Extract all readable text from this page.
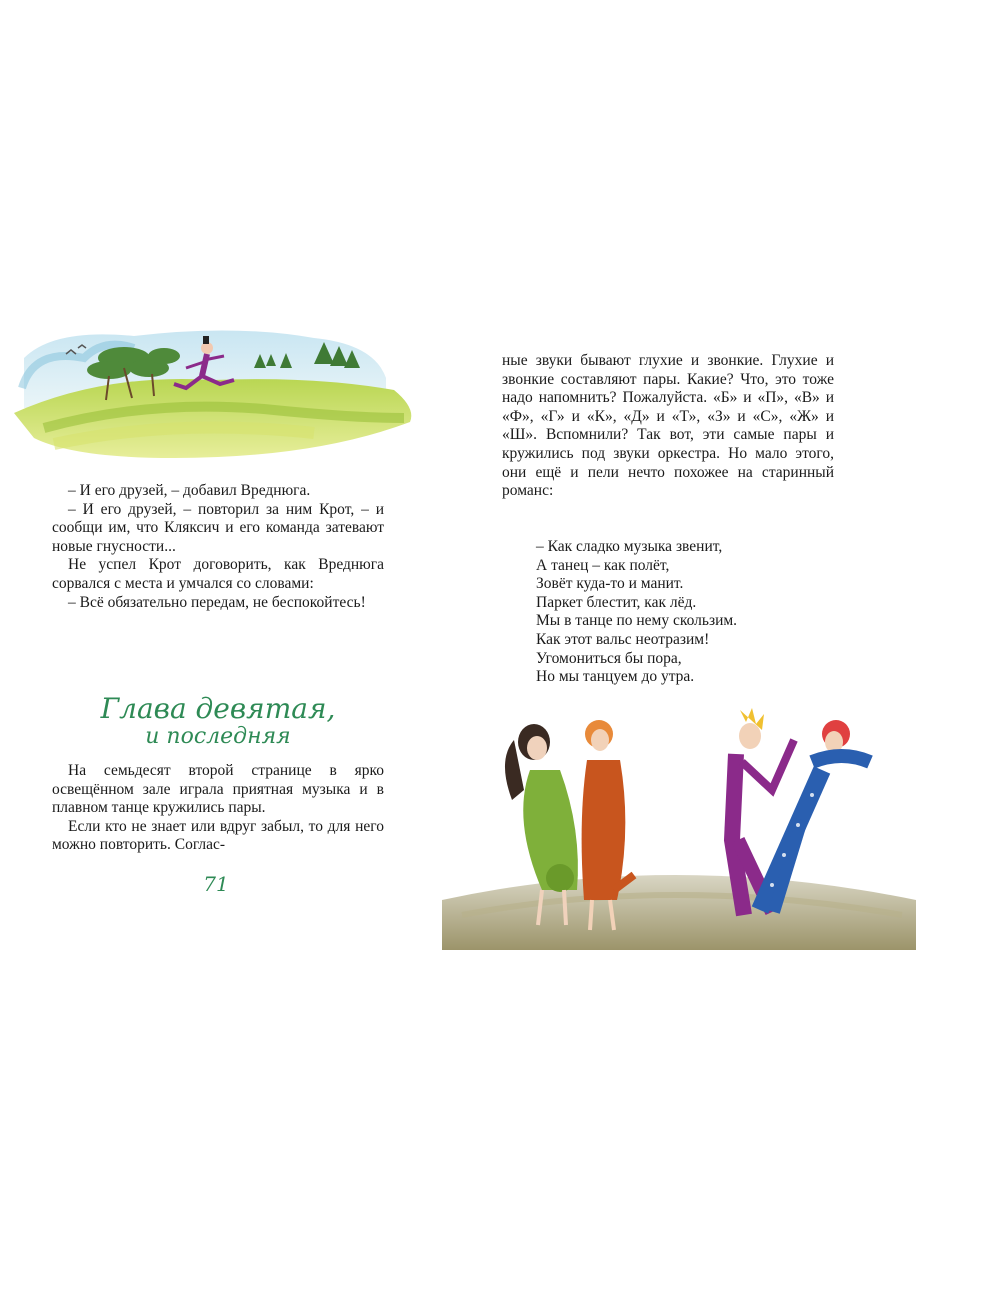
– И его друзей, – добавил Вреднюга.

– И его друзей, – повторил за ним Крот, – и сообщи им, что Кляксич и его команда затевают новые гнусности...

Не успел Крот договорить, как Вреднюга сорвался с места и умчался со словами:

– Всё обязательно передам, не беспокойтесь!

Глава девятая,
и последняя

На семьдесят второй странице в ярко освещённом зале играла приятная музыка и в плавном танце кружились пары.

Если кто не знает или вдруг забыл, то для него можно повторить. Соглас-

71

ные звуки бывают глухие и звонкие. Глухие и звонкие составляют пары. Какие? Что, это тоже надо напомнить? Пожалуйста. «Б» и «П», «В» и «Ф», «Г» и «К», «Д» и «Т», «З» и «С», «Ж» и «Ш». Вспомнили? Так вот, эти самые пары и кружились под звуки оркестра. Но мало этого, они ещё и пели нечто похожее на старинный романс:

– Как сладко музыка звенит,
А танец – как полёт,
Зовёт куда-то и манит.
Паркет блестит, как лёд.
Мы в танце по нему скользим.
Как этот вальс неотразим!
Угомониться бы пора,
Но мы танцуем до утра.
